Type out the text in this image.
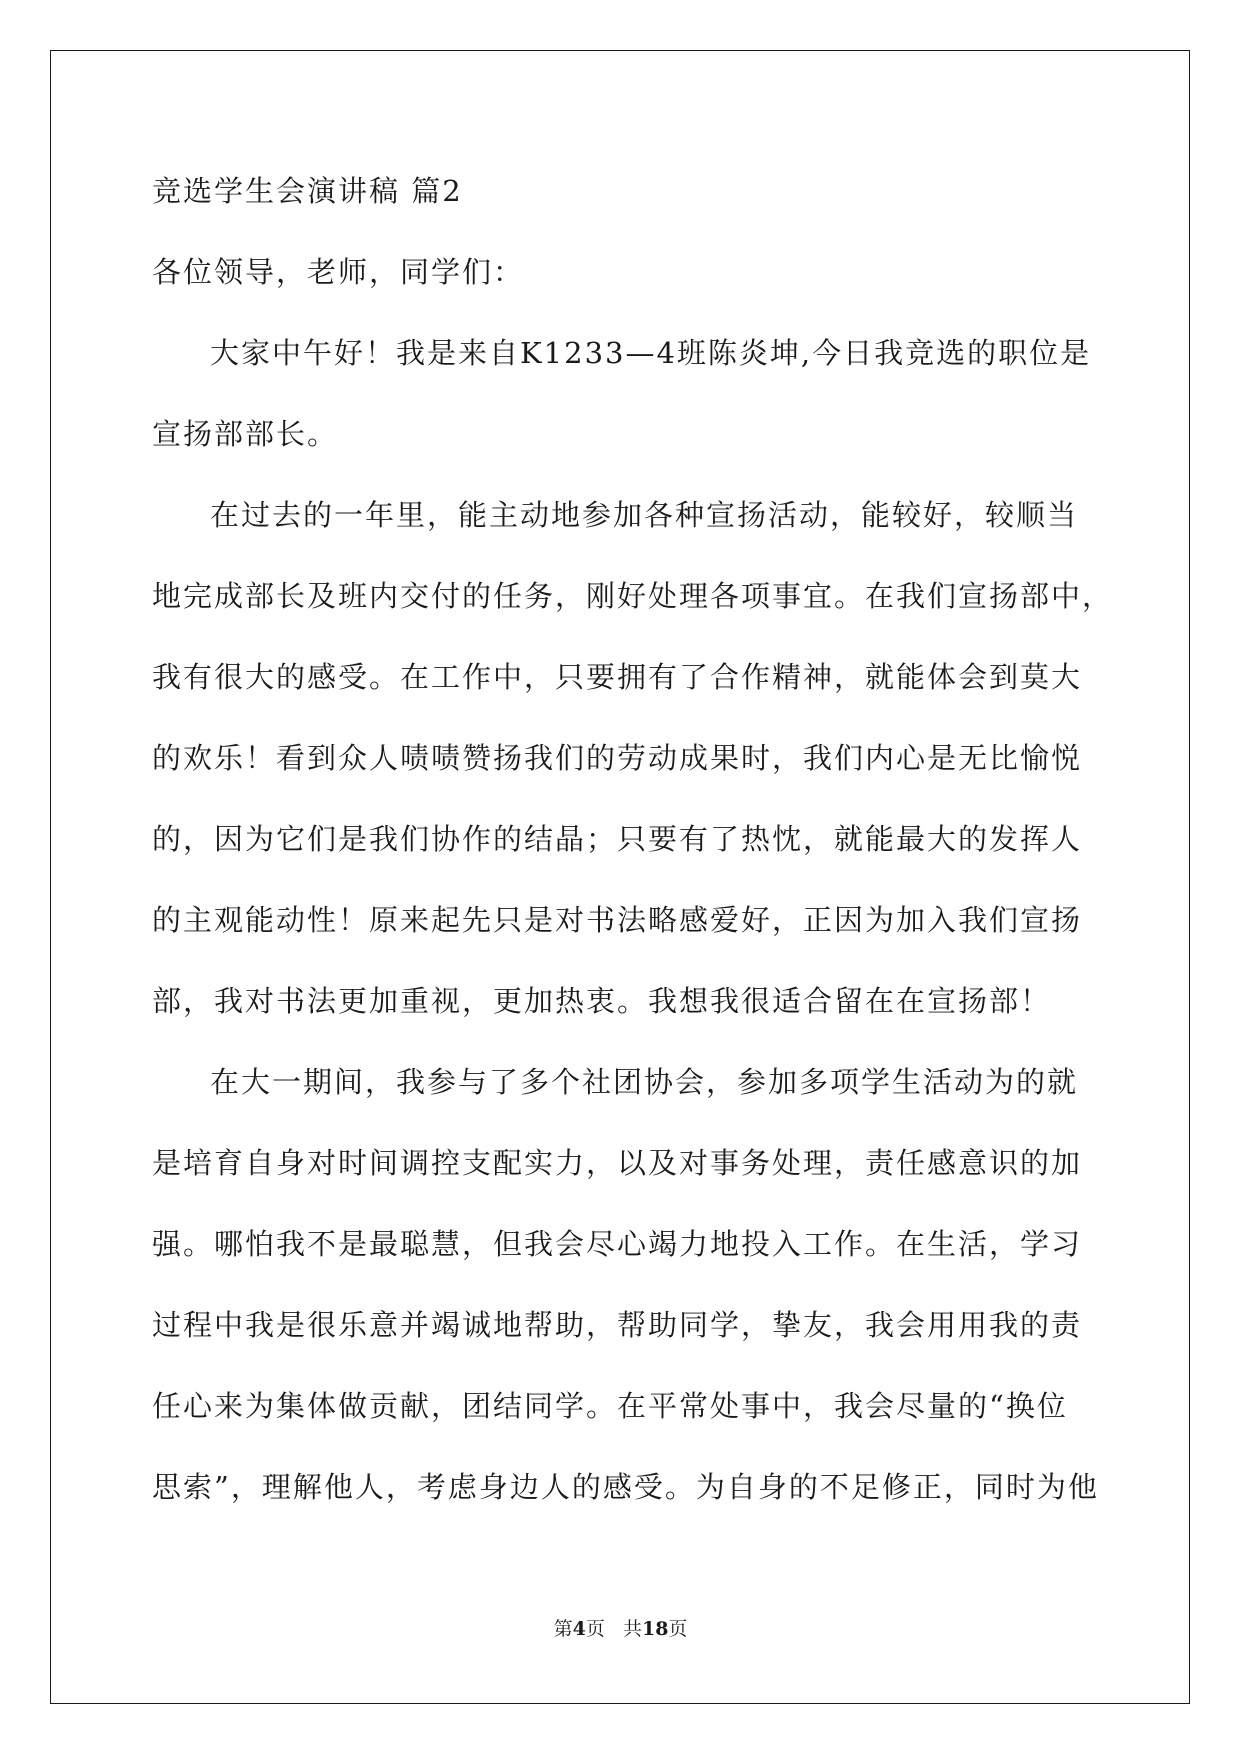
竞选学生会演讲稿 篇2
各位领导，老师，同学们：
大家中午好！我是来自K1233—4班陈炎坤,今日我竞选的职位是
宣扬部部长。
在过去的一年里，能主动地参加各种宣扬活动，能较好，较顺当
地完成部长及班内交付的任务，刚好处理各项事宜。在我们宣扬部中，
我有很大的感受。在工作中，只要拥有了合作精神，就能体会到莫大
的欢乐！看到众人啧啧赞扬我们的劳动成果时，我们内心是无比愉悦
的，因为它们是我们协作的结晶；只要有了热忱，就能最大的发挥人
的主观能动性！原来起先只是对书法略感爱好，正因为加入我们宣扬
部，我对书法更加重视，更加热衷。我想我很适合留在在宣扬部！
在大一期间，我参与了多个社团协会，参加多项学生活动为的就
是培育自身对时间调控支配实力，以及对事务处理，责任感意识的加
强。哪怕我不是最聪慧，但我会尽心竭力地投入工作。在生活，学习
过程中我是很乐意并竭诚地帮助，帮助同学，挚友，我会用用我的责
任心来为集体做贡献，团结同学。在平常处事中，我会尽量的“换位
思索”，理解他人，考虑身边人的感受。为自身的不足修正，同时为他
第4页 共18页
